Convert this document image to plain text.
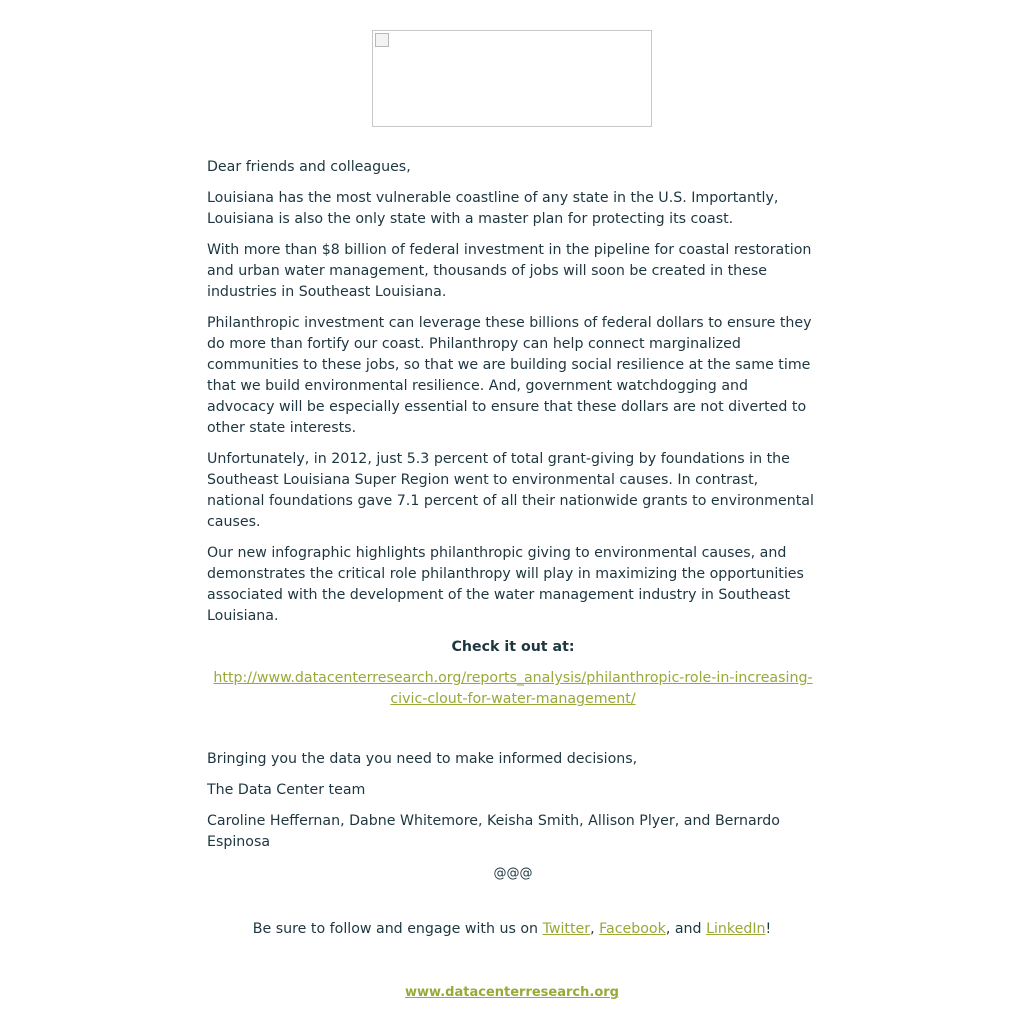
Dear friends and colleagues,

Louisiana has the most vulnerable coastline of any state in the U.S. Importantly, Louisiana is also the only state with a master plan for protecting its coast.

With more than $8 billion of federal investment in the pipeline for coastal restoration and urban water management, thousands of jobs will soon be created in these industries in Southeast Louisiana.

Philanthropic investment can leverage these billions of federal dollars to ensure they do more than fortify our coast. Philanthropy can help connect marginalized communities to these jobs, so that we are building social resilience at the same time that we build environmental resilience. And, government watchdogging and advocacy will be especially essential to ensure that these dollars are not diverted to other state interests.

Unfortunately, in 2012, just 5.3 percent of total grant-giving by foundations in the Southeast Louisiana Super Region went to environmental causes. In contrast, national foundations gave 7.1 percent of all their nationwide grants to environmental causes.

Our new infographic highlights philanthropic giving to environmental causes, and demonstrates the critical role philanthropy will play in maximizing the opportunities associated with the development of the water management industry in Southeast Louisiana.

Check it out at:

http://www.datacenterresearch.org/reports_analysis/philanthropic-role-in-increasing-civic-clout-for-water-management/

Bringing you the data you need to make informed decisions,

The Data Center team

Caroline Heffernan, Dabne Whitemore, Keisha Smith, Allison Plyer, and Bernardo Espinosa

@@@

Be sure to follow and engage with us on Twitter, Facebook, and LinkedIn!
www.datacenterresearch.org
